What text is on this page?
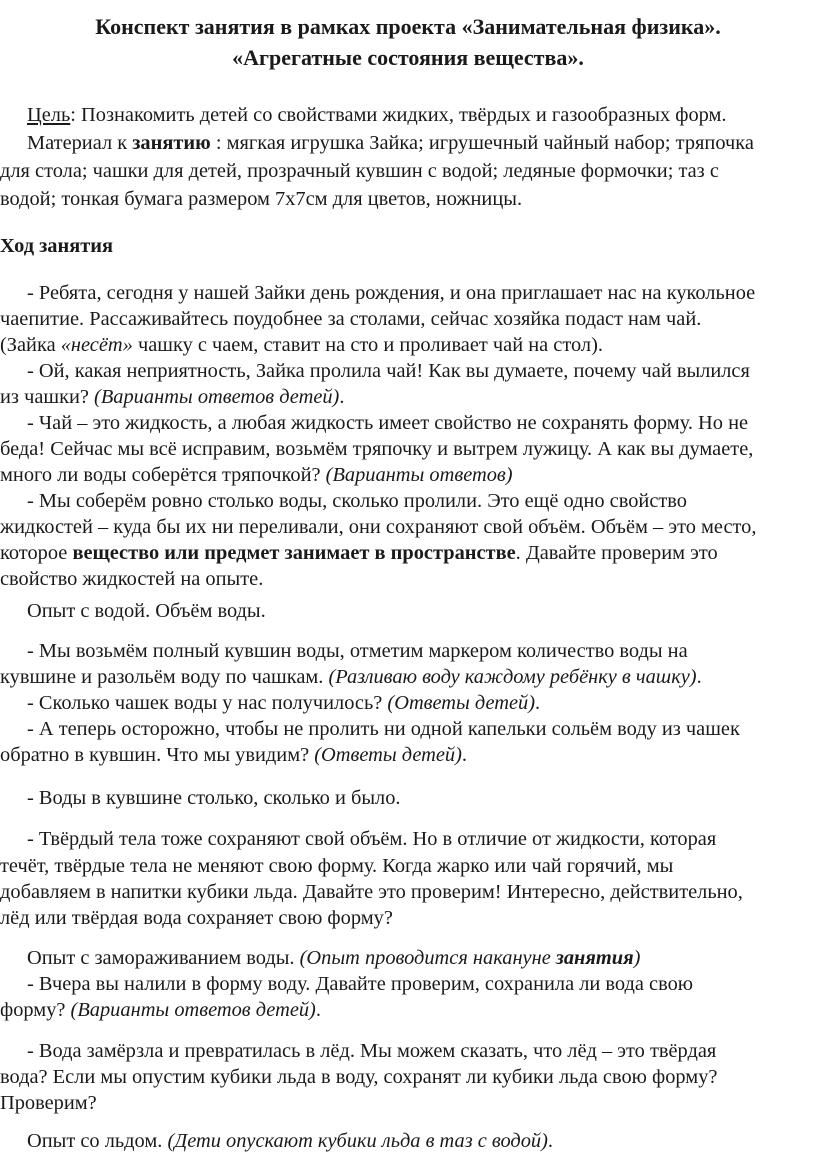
Конспект занятия в рамках проекта «Занимательная физика».

«Агрегатные состояния вещества».

Цель: Познакомить детей со свойствами жидких, твёрдых и газообразных форм.

Материал к занятию : мягкая игрушка Зайка; игрушечный чайный набор; тряпочка

для стола; чашки для детей, прозрачный кувшин с водой; ледяные формочки; таз с

водой; тонкая бумага размером 7х7см для цветов, ножницы.

Ход занятия

- Ребята, сегодня у нашей Зайки день рождения, и она приглашает нас на кукольное

чаепитие. Рассаживайтесь поудобнее за столами, сейчас хозяйка подаст нам чай.

(Зайка «несёт» чашку с чаем, ставит на сто и проливает чай на стол).

- Ой, какая неприятность, Зайка пролила чай! Как вы думаете, почему чай вылился

из чашки? (Варианты ответов детей).

- Чай – это жидкость, а любая жидкость имеет свойство не сохранять форму. Но не

беда! Сейчас мы всё исправим, возьмём тряпочку и вытрем лужицу. А как вы думаете,

много ли воды соберётся тряпочкой? (Варианты ответов)

- Мы соберём ровно столько воды, сколько пролили. Это ещё одно свойство

жидкостей – куда бы их ни переливали, они сохраняют свой объём. Объём – это место,

которое вещество или предмет занимает в пространстве. Давайте проверим это

свойство жидкостей на опыте.

Опыт с водой. Объём воды.

- Мы возьмём полный кувшин воды, отметим маркером количество воды на

кувшине и разольём воду по чашкам. (Разливаю воду каждому ребёнку в чашку).

- Сколько чашек воды у нас получилось? (Ответы детей).

- А теперь осторожно, чтобы не пролить ни одной капельки сольём воду из чашек

обратно в кувшин. Что мы увидим? (Ответы детей).

- Воды в кувшине столько, сколько и было.

- Твёрдый тела тоже сохраняют свой объём. Но в отличие от жидкости, которая

течёт, твёрдые тела не меняют свою форму. Когда жарко или чай горячий, мы

добавляем в напитки кубики льда. Давайте это проверим! Интересно, действительно,

лёд или твёрдая вода сохраняет свою форму?

Опыт с замораживанием воды. (Опыт проводится накануне занятия)

- Вчера вы налили в форму воду. Давайте проверим, сохранила ли вода свою

форму? (Варианты ответов детей).

- Вода замёрзла и превратилась в лёд. Мы можем сказать, что лёд – это твёрдая

вода? Если мы опустим кубики льда в воду, сохранят ли кубики льда свою форму?

Проверим?

Опыт со льдом. (Дети опускают кубики льда в таз с водой).
